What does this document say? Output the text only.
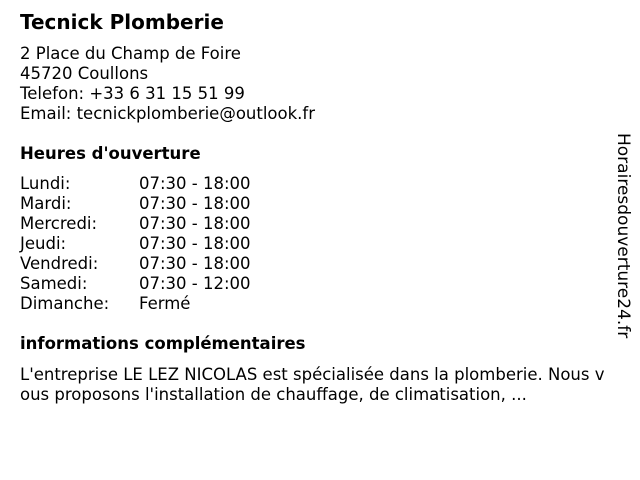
Tecnick Plomberie
2 Place du Champ de Foire
45720 Coullons
Telefon: +33 6 31 15 51 99
Email: tecnickplomberie@outlook.fr
Heures d'ouverture
Lundi:	07:30 - 18:00
Mardi:	07:30 - 18:00
Mercredi:	07:30 - 18:00
Jeudi:	07:30 - 18:00
Vendredi: 07:30 - 18:00
Samedi:	07:30 - 12:00
Dimanche: Fermé
informations complémentaires
L'entreprise LE LEZ NICOLAS est spécialisée dans la plomberie. Nous vous proposons l'installation de chauffage, de climatisation, ...
Horairesdouverture24.fr
